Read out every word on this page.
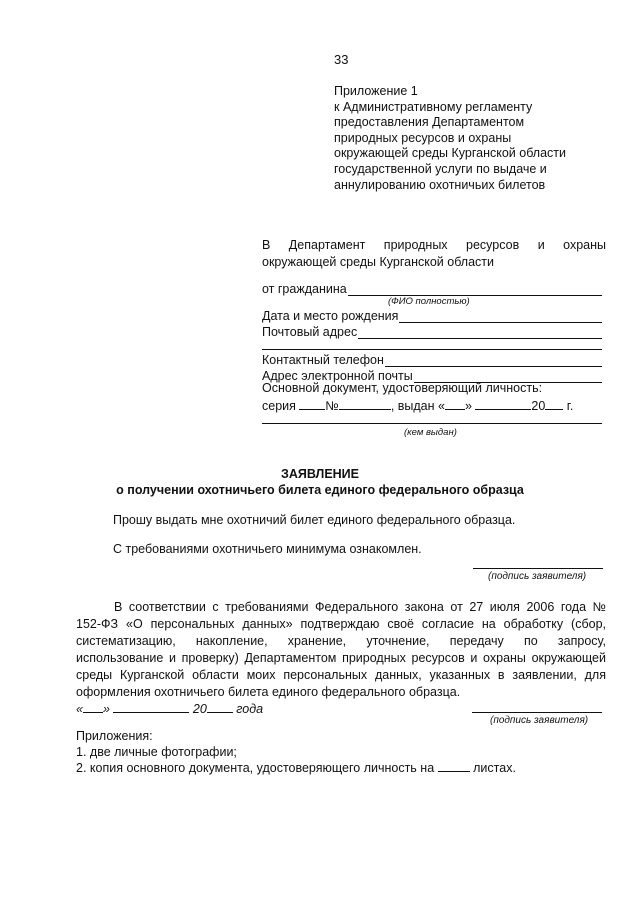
33
Приложение 1
к Административному регламенту
предоставления Департаментом
природных ресурсов и охраны
окружающей среды Курганской области
государственной услуги по выдаче и
аннулированию охотничьих билетов
В Департамент природных ресурсов и охраны
окружающей среды Курганской области
от гражданина
(ФИО полностью)
Дата и место рождения
Почтовый адрес
Контактный телефон
Адрес электронной почты
Основной документ, удостоверяющий личность:
серия №	, выдан « »	20 г.
(кем выдан)
ЗАЯВЛЕНИЕ
о получении охотничьего билета единого федерального образца
Прошу выдать мне охотничий билет единого федерального образца.
С требованиями охотничьего минимума ознакомлен.
(подпись заявителя)
В соответствии с требованиями Федерального закона от 27 июля 2006 года №
152-ФЗ «О персональных данных» подтверждаю своё согласие на обработку (сбор,
систематизацию, накопление, хранение, уточнение, передачу по запросу,
использование и проверку) Департаментом природных ресурсов и охраны окружающей
среды Курганской области моих персональных данных, указанных в заявлении, для
оформления охотничьего билета единого федерального образца.
« »	20 года
(подпись заявителя)
Приложения:
1. две личные фотографии;
2. копия основного документа, удостоверяющего личность на	листах.
